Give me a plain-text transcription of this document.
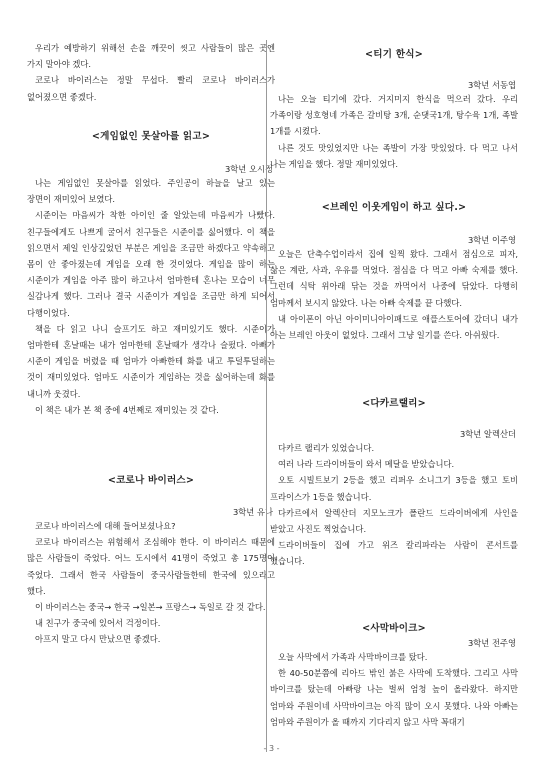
우리가 예방하기 위해선 손을 깨끗이 씻고 사람들이 많은 곳엔 가지 말아야 겠다.

코로나 바이러스는 정말 무섭다. 빨리 코로나 바이러스가 없어졌으면 좋겠다.

<게임없인 못살아를 읽고>

3학년 오시정

나는 게임없인 못살아를 읽었다. 주인공이 하늘을 날고 있는 장면이 재미있어 보였다.

시준이는 마음씨가 착한 아이인 줄 알았는데 마음씨가 나빴다. 친구들에게도 나쁘게 굴어서 친구들은 시준이를 싫어했다. 이 책을 읽으면서 제일 인상깊었던 부분은 게임을 조금만 하겠다고 약속하고 몸이 안 좋아졌는데 게임을 오래 한 것이었다. 게임을 많이 하는 시준이가 게임을 아주 많이 하고나서 엄마한테 혼나는 모습이 너무 실감나게 했다. 그러나 결국 시준이가 게임을 조금만 하게 되어서 다행이었다.

책을 다 읽고 나니 슬프기도 하고 재미있기도 했다. 시준이가 엄마한테 혼날때는 내가 엄마한테 혼날때가 생각나 슬펐다. 아빠가 시준이 게임을 버렸을 때 엄마가 아빠한테 화를 내고 투덜투덜하는 것이 재미있었다. 엄마도 시준이가 게임하는 것을 싫어하는데 화를 내니까 웃겼다.

이 책은 내가 본 책 중에 4번째로 재미있는 것 같다.

<코로나 바이러스>

3학년 유나

코로나 바이러스에 대해 들어보셨나요?

코로나 바이러스는 위험해서 조심해야 한다. 이 바이러스 때문에 많은 사람들이 죽었다. 어느 도시에서 41명이 죽었고 총 175명이 죽었다. 그래서 한국 사람들이 중국사람들한테 한국에 있으라고 했다.

이 바이러스는 중국→ 한국 →일본→ 프랑스→ 독일로 갈 것 같다.

내 친구가 중국에 있어서 걱정이다.

아프지 말고 다시 만났으면 좋겠다.

<티기 한식>

3학년 서동엽

나는 오늘 티기에 갔다. 거지미지 한식을 먹으러 갔다. 우리 가족이랑 성호형네 가족은 갈비탕 3개, 순댓국1개, 탕수육 1개, 족발 1개를 시켰다.

나른 것도 맛있었지만 나는 족발이 가장 맛있었다. 다 먹고 나서 나는 게임을 했다. 정말 재미있었다.

<브레인 이웃게임이 하고 싶다.>

3학년 이주영

오늘은 단축수업이라서 집에 일찍 왔다. 그래서 점심으로 피자, 삶은 계란, 사과, 우유를 먹었다. 점심을 다 먹고 아빠 숙제를 했다. 그런데 식탁 위아래 닦는 것을 까먹어서 나중에 닦았다. 다행히 엄마께서 보시지 않았다. 나는 아빠 숙제를 끝 다했다.

내 아이폰이 아닌 아이미니아이패드로 애플스토어에 갔더니 내가 아는 브레인 아웃이 없었다. 그래서 그냥 일기를 쓴다. 아쉬웠다.

<다카르랠리>

3학년 알렉산더

다카르 랠리가 있었습니다.

여러 나라 드라이버들이 와서 메달을 받았습니다.

오토 시빌트보기 2등을 했고 리퍼우 소니그기 3등을 했고 토비 프라이스가 1등을 했습니다.

다카르에서 알렉산더 지모노크가 폴란드 드라이버에게 사인을 받았고 사진도 찍었습니다.

드라이버들이 집에 가고 위즈 칼리파라는 사람이 콘서트를 했습니다.

<사막바이크>

3학년 전주영

오늘 사막에서 가족과 사막바이크를 탔다.

한 40-50분쯤에 리아드 밖인 붉은 사막에 도착했다. 그리고 사막 바이크를 탔는데 아빠랑 나는 벌써 엄청 높이 올라왔다. 하지만 엄마와 주원이네 사막바이크는 아직 많이 오시 못했다. 나와 아빠는 엄마와 주원이가 올 때까지 기다리지 않고 사막 꼭대기

- 3 -
